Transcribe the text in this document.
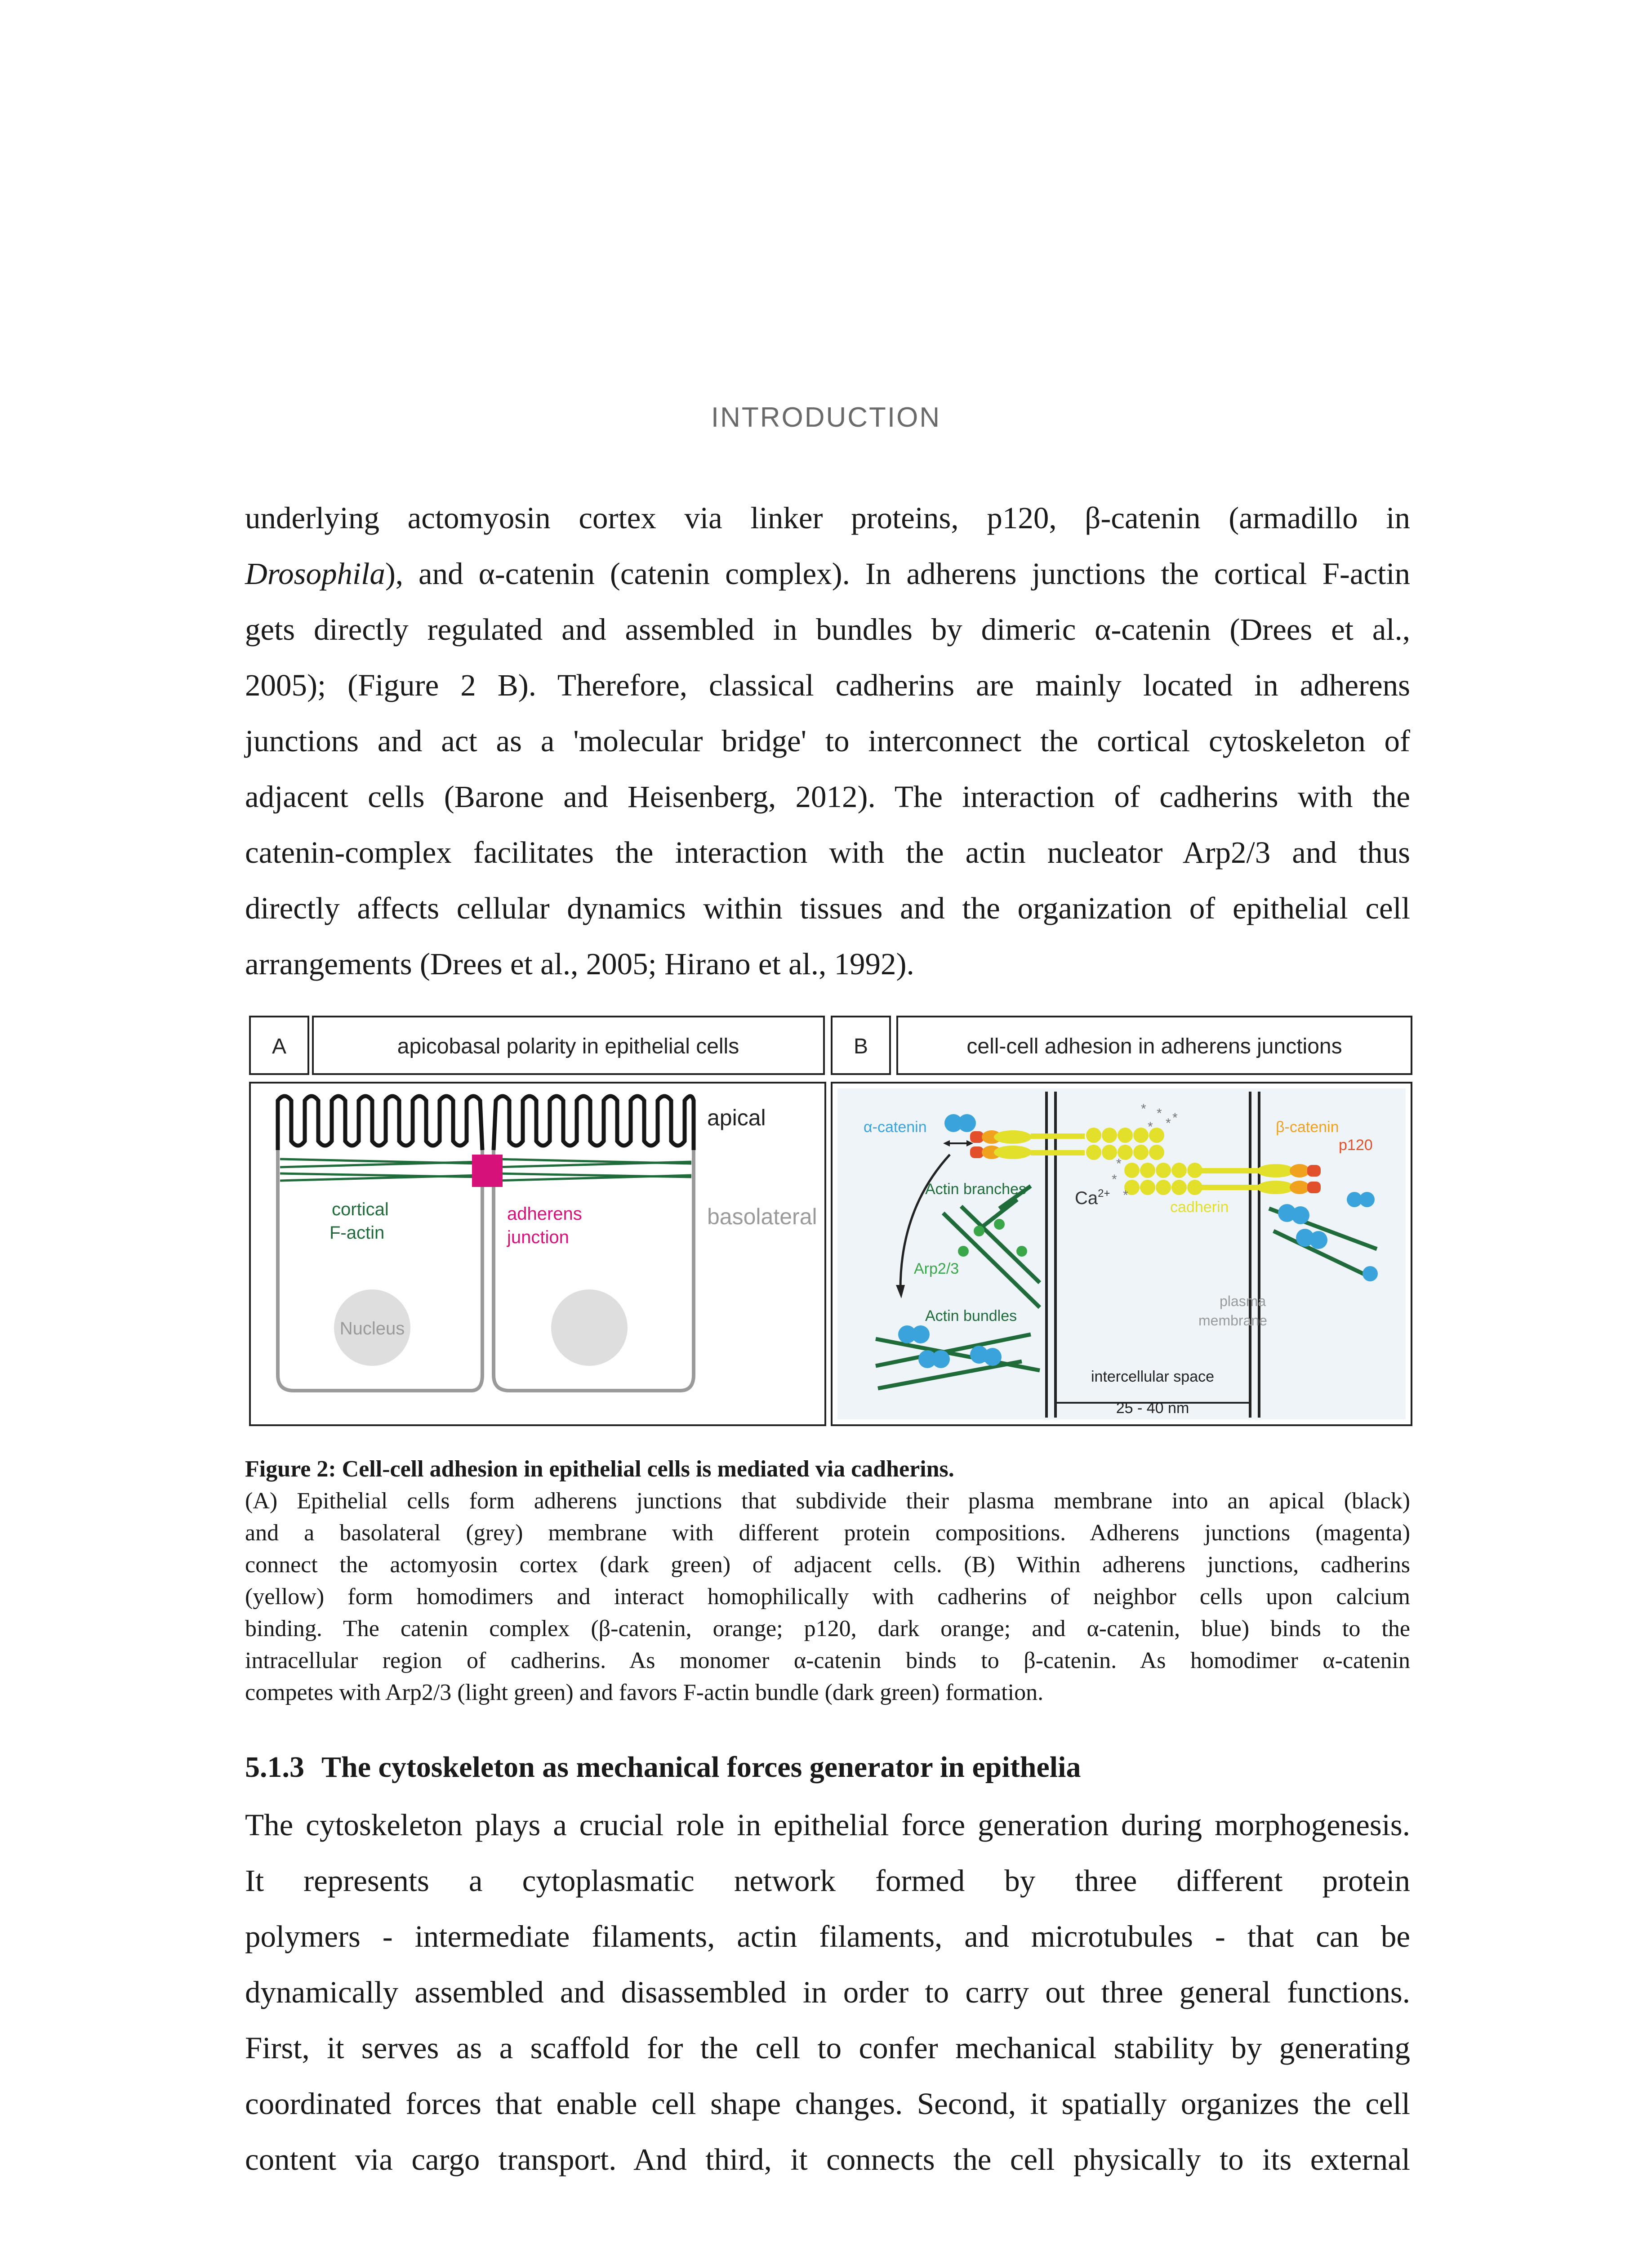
INTRODUCTION

underlying actomyosin cortex via linker proteins, p120, β-catenin (armadillo in

Drosophila), and α-catenin (catenin complex). In adherens junctions the cortical F-actin

gets directly regulated and assembled in bundles by dimeric α-catenin (Drees et al.,

2005); (Figure 2 B). Therefore, classical cadherins are mainly located in adherens

junctions and act as a 'molecular bridge' to interconnect the cortical cytoskeleton of

adjacent cells (Barone and Heisenberg, 2012). The interaction of cadherins with the

catenin-complex facilitates the interaction with the actin nucleator Arp2/3 and thus

directly affects cellular dynamics within tissues and the organization of epithelial cell

arrangements (Drees et al., 2005; Hirano et al., 1992).

A	apicobasal polarity in epithelial cells	B	cell-cell adhesion in adherens junctions
Nucleus
apical
basolateral
cortical
F-actin
adherens
junction
* * *
* *
*
*
*
α-catenin	β-catenin
p120
Actin branches
Arp2/3
Actin bundles
$Ca^{2+}$
cadherin
plasma
membrane
intercellular space
25 - 40 nm

Figure 2: Cell-cell adhesion in epithelial cells is mediated via cadherins.

(A) Epithelial cells form adherens junctions that subdivide their plasma membrane into an apical (black)

and a basolateral (grey) membrane with different protein compositions. Adherens junctions (magenta)

connect the actomyosin cortex (dark green) of adjacent cells. (B) Within adherens junctions, cadherins

(yellow) form homodimers and interact homophilically with cadherins of neighbor cells upon calcium

binding. The catenin complex (β-catenin, orange; p120, dark orange; and α-catenin, blue) binds to the

intracellular region of cadherins. As monomer α-catenin binds to β-catenin. As homodimer α-catenin

competes with Arp2/3 (light green) and favors F-actin bundle (dark green) formation.

5.1.3 The cytoskeleton as mechanical forces generator in epithelia

The cytoskeleton plays a crucial role in epithelial force generation during morphogenesis.

It represents a cytoplasmatic network formed by three different protein

polymers - intermediate filaments, actin filaments, and microtubules - that can be

dynamically assembled and disassembled in order to carry out three general functions.

First, it serves as a scaffold for the cell to confer mechanical stability by generating

coordinated forces that enable cell shape changes. Second, it spatially organizes the cell

content via cargo transport. And third, it connects the cell physically to its external
